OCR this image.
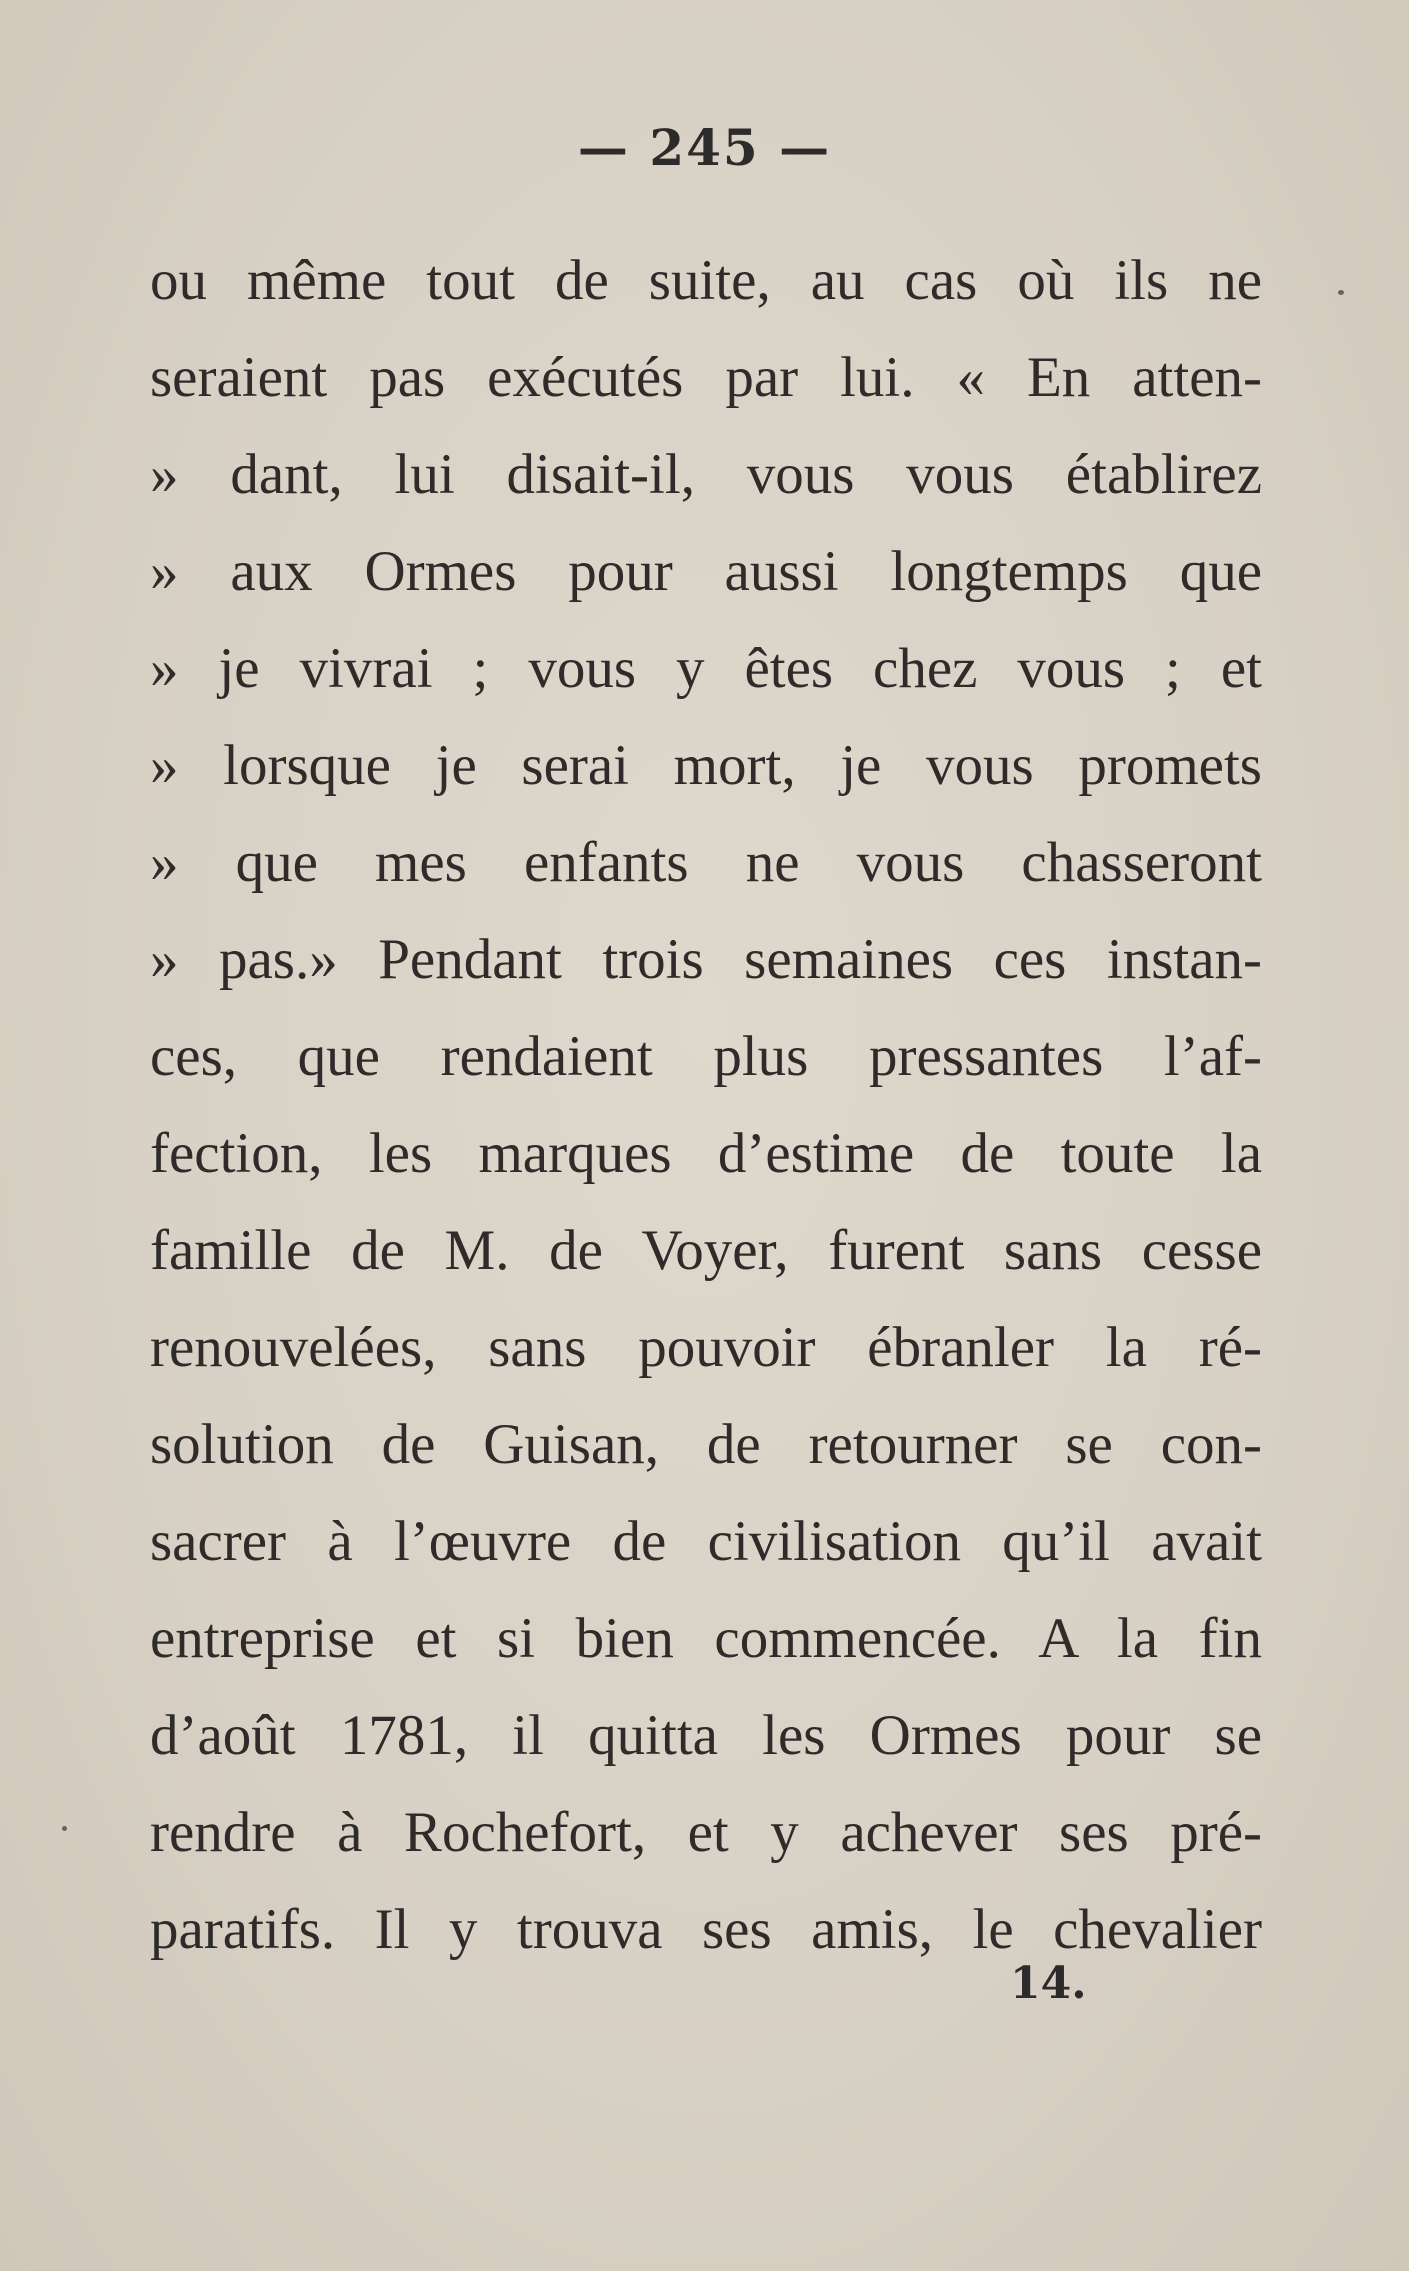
— 245 —
ou même tout de suite, au cas où ils ne
seraient pas exécutés par lui. « En atten-
» dant, lui disait-il, vous vous établirez
» aux Ormes pour aussi longtemps que
» je vivrai ; vous y êtes chez vous ; et
» lorsque je serai mort, je vous promets
» que mes enfants ne vous chasseront
» pas.» Pendant trois semaines ces instan-
ces, que rendaient plus pressantes l’af-
fection, les marques d’estime de toute la
famille de M. de Voyer, furent sans cesse
renouvelées, sans pouvoir ébranler la ré-
solution de Guisan, de retourner se con-
sacrer à l’œuvre de civilisation qu’il avait
entreprise et si bien commencée. A la fin
d’août 1781, il quitta les Ormes pour se
rendre à Rochefort, et y achever ses pré-
paratifs. Il y trouva ses amis, le chevalier
14.
